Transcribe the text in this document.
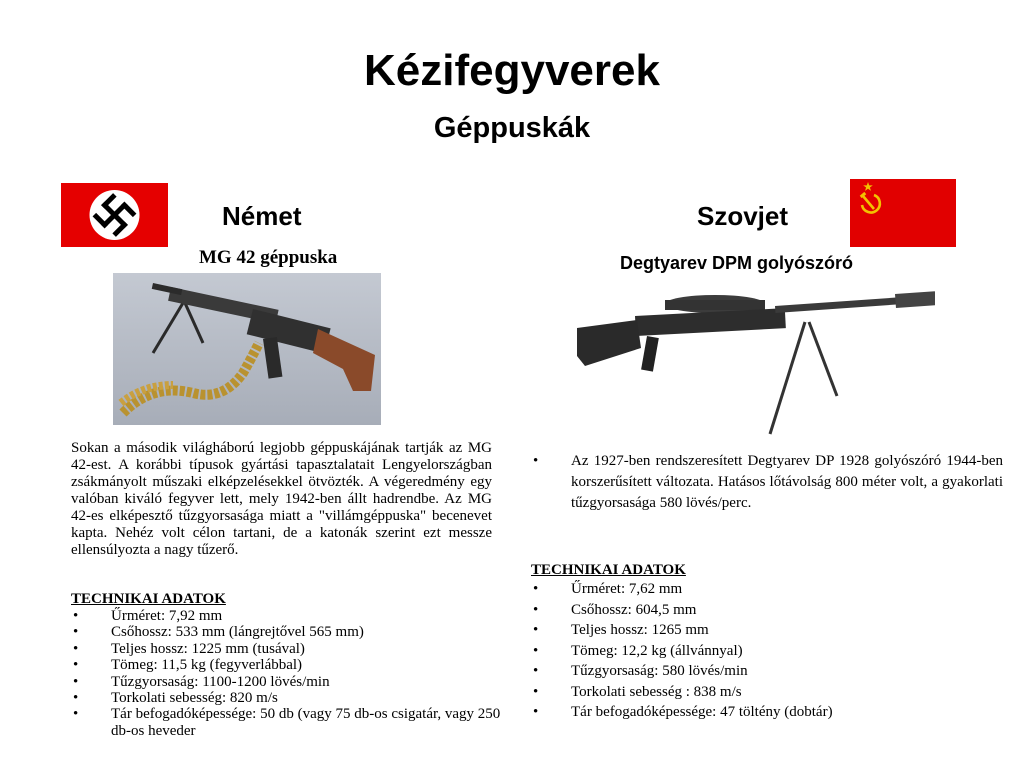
Kézifegyverek
Géppuskák
Német	Szovjet
MG 42 géppuska	Degtyarev DPM golyószóró
Sokan a második világháború legjobb géppuskájának tartják az MG 42-est. A korábbi típusok gyártási tapasztalatait Lengyelországban zsákmányolt műszaki elképzelésekkel ötvözték. A végeredmény egy valóban kiváló fegyver lett, mely 1942-ben állt hadrendbe. Az MG 42-es elképesztő tűzgyorsasága miatt a "villámgéppuska" becenevet kapta. Nehéz volt célon tartani, de a katonák szerint ezt messze ellensúlyozta a nagy tűzerő.
TECHNIKAI ADATOK
• Űrméret: 7,92 mm
• Csőhossz: 533 mm (lángrejtővel 565 mm)
• Teljes hossz: 1225 mm (tusával)
• Tömeg: 11,5 kg (fegyverlábbal)
• Tűzgyorsaság: 1100-1200 lövés/min
• Torkolati sebesség: 820 m/s
• Tár befogadóképessége: 50 db (vagy 75 db-os csigatár, vagy 250 db-os heveder
• Az 1927-ben rendszeresített Degtyarev DP 1928 golyószóró 1944-ben korszerűsített változata. Hatásos lőtávolság 800 méter volt, a gyakorlati tűzgyorsasága 580 lövés/perc.
TECHNIKAI ADATOK
• Űrméret: 7,62 mm
• Csőhossz: 604,5 mm
• Teljes hossz: 1265 mm
• Tömeg: 12,2 kg (állvánnyal)
• Tűzgyorsaság: 580 lövés/min
• Torkolati sebesség : 838 m/s
• Tár befogadóképessége: 47 töltény (dobtár)
